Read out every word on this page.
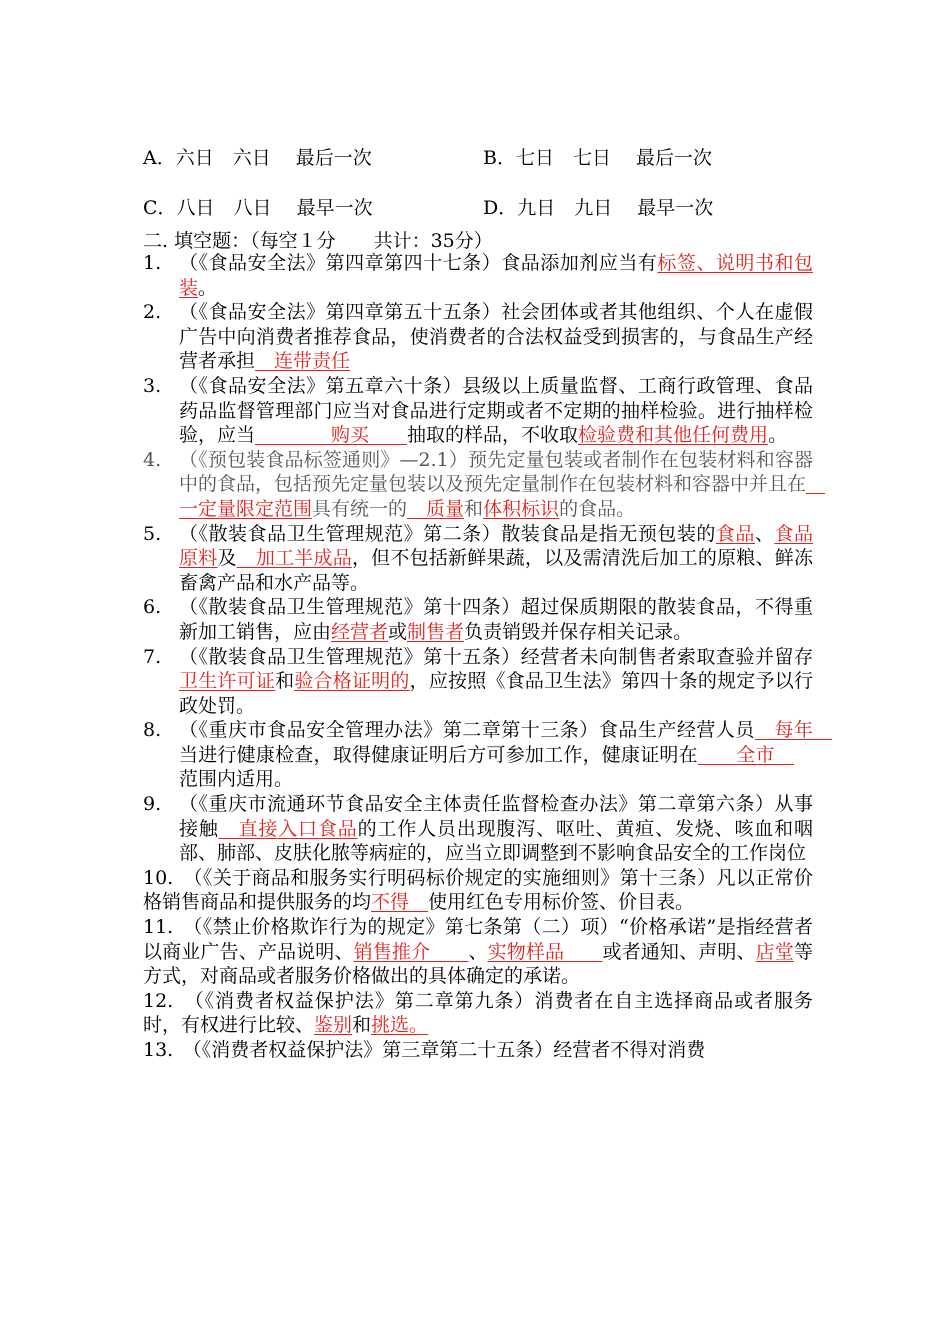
A．六日　六日　 最后一次	B．七日　七日　 最后一次
C．八日　八日　 最早一次	D．九日　九日　 最早一次
二. 填空题：（每空１分　　共计：35分）
1. （《食品安全法》第四章第四十七条）食品添加剂应当有标签、说明书和包装。
2. （《食品安全法》第四章第五十五条）社会团体或者其他组织、个人在虚假广告中向消费者推荐食品，使消费者的合法权益受到损害的，与食品生产经营者承担　连带责任
3. （《食品安全法》第五章六十条）县级以上质量监督、工商行政管理、食品药品监督管理部门应当对食品进行定期或者不定期的抽样检验。进行抽样检验，应当　　　　购买　　抽取的样品，不收取检验费和其他任何费用。
4. （《预包装食品标签通则》—2.1）预先定量包装或者制作在包装材料和容器中的食品，包括预先定量包装以及预先定量制作在包装材料和容器中并且在　一定量限定范围具有统一的　质量和体积标识的食品。
5. （《散装食品卫生管理规范》第二条）散装食品是指无预包装的食品、食品原料及　加工半成品，但不包括新鲜果蔬，以及需清洗后加工的原粮、鲜冻畜禽产品和水产品等。
6. （《散装食品卫生管理规范》第十四条）超过保质期限的散装食品，不得重新加工销售，应由经营者或制售者负责销毁并保存相关记录。
7. （《散装食品卫生管理规范》第十五条）经营者未向制售者索取查验并留存卫生许可证和验合格证明的，应按照《食品卫生法》第四十条的规定予以行政处罚。
8. （《重庆市食品安全管理办法》第二章第十三条）食品生产经营人员　每年　当进行健康检查，取得健康证明后方可参加工作，健康证明在　　全市　　范围内适用。
9. （《重庆市流通环节食品安全主体责任监督检查办法》第二章第六条）从事接触　直接入口食品的工作人员出现腹泻、呕吐、黄疸、发烧、咳血和咽部、肺部、皮肤化脓等病症的，应当立即调整到不影响食品安全的工作岗位
10.　（《关于商品和服务实行明码标价规定的实施细则》第十三条）凡以正常价格销售商品和提供服务的均不得　使用红色专用标价签、价目表。
11.　（《禁止价格欺诈行为的规定》第七条第（二）项）“价格承诺”是指经营者以商业广告、产品说明、销售推介　　、实物样品　　或者通知、声明、店堂等方式，对商品或者服务价格做出的具体确定的承诺。
12.　（《消费者权益保护法》第二章第九条）消费者在自主选择商品或者服务时，有权进行比较、鉴别和挑选。
13.　（《消费者权益保护法》第三章第二十五条）经营者不得对消费
